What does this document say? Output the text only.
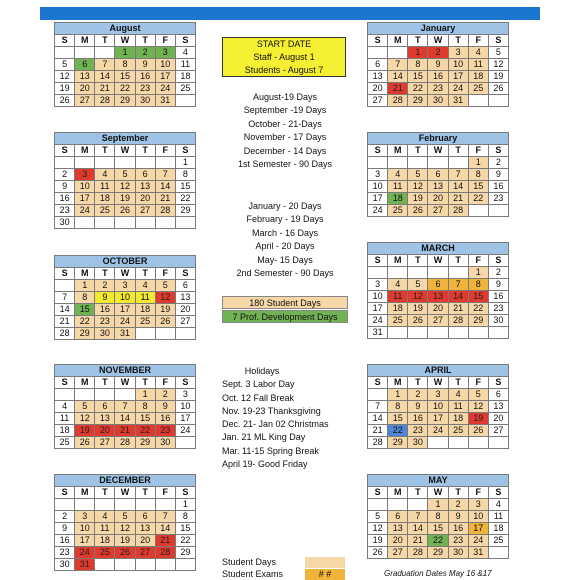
August						
S	M	T	W	T	F	S
			1	2	3	4
5	6	7	8	9	10	11
12	13	14	15	16	17	18
19	20	21	22	23	24	25
26	27	28	29	30	31	
January						
S	M	T	W	T	F	S
		1	2	3	4	5
6	7	8	9	10	11	12
13	14	15	16	17	18	19
20	21	22	23	24	25	26
27	28	29	30	31		
September						
S	M	T	W	T	F	S
						1
2	3	4	5	6	7	8
9	10	11	12	13	14	15
16	17	18	19	20	21	22
23	24	25	26	27	28	29
30						
February						
S	M	T	W	T	F	S
					1	2
3	4	5	6	7	8	9
10	11	12	13	14	15	16
17	18	19	20	21	22	23
24	25	26	27	28		
OCTOBER						
S	M	T	W	T	F	S
	1	2	3	4	5	6
7	8	9	10	11	12	13
14	15	16	17	18	19	20
21	22	23	24	25	26	27
28	29	30	31			
MARCH						
S	M	T	W	T	F	S
					1	2
3	4	5	6	7	8	9
10	11	12	13	14	15	16
17	18	19	20	21	22	23
24	25	26	27	28	29	30
31						
NOVEMBER						
S	M	T	W	T	F	S
				1	2	3
4	5	6	7	8	9	10
11	12	13	14	15	16	17
18	19	20	21	22	23	24
25	26	27	28	29	30	
APRIL						
S	M	T	W	T	F	S
	1	2	3	4	5	6
7	8	9	10	11	12	13
14	15	16	17	18	19	20
21	22	23	24	25	26	27
28	29	30				
DECEMBER						
S	M	T	W	T	F	S
						1
2	3	4	5	6	7	8
9	10	11	12	13	14	15
16	17	18	19	20	21	22
23	24	25	26	27	28	29
30	31					
MAY						
S	M	T	W	T	F	S
			1	2	3	4
5	6	7	8	9	10	11
12	13	14	15	16	17	18
19	20	21	22	23	24	25
26	27	28	29	30	31	
START DATE
Staff - August 1
Students - August 7
August-19 Days
September -19 Days
October - 21-Days
November - 17 Days
December - 14 Days
1st Semester - 90 Days
January - 20 Days
February - 19 Days
March - 16 Days
April - 20 Days
May- 15 Days
2nd Semester - 90 Days
180 Student Days
7 Prof. Development Days
Holidays
Sept. 3 Labor Day
Oct. 12 Fall Break
Nov. 19-23 Thanksgiving
Dec. 21- Jan 02 Christmas
Jan. 21 ML King Day
Mar. 11-15 Spring Break
April 19- Good Friday
Student Days
Student Exams	# #	Graduation Dates May 16 &17
